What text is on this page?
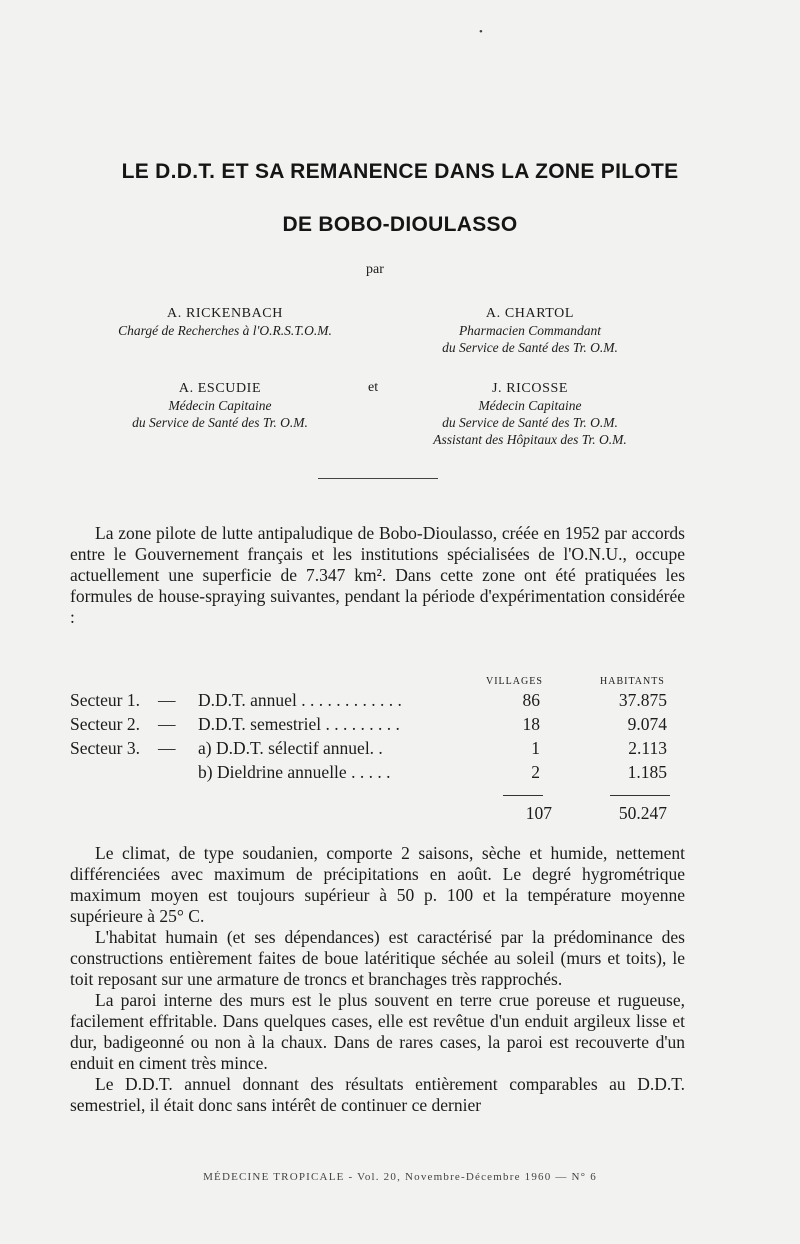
•
LE D.D.T. ET SA REMANENCE DANS LA ZONE PILOTE
DE BOBO-DIOULASSO
par
A. RICKENBACH
Chargé de Recherches à l'O.R.S.T.O.M.
A. CHARTOL
Pharmacien Commandant
du Service de Santé des Tr. O.M.
A. ESCUDIE
Médecin Capitaine
du Service de Santé des Tr. O.M.
et	J. RICOSSE
Médecin Capitaine
du Service de Santé des Tr. O.M.
Assistant des Hôpitaux des Tr. O.M.

La zone pilote de lutte antipaludique de Bobo-Dioulasso, créée en 1952 par accords entre le Gouvernement français et les institutions spécialisées de l'O.N.U., occupe actuellement une superficie de 7.347 km². Dans cette zone ont été pratiquées les formules de house-spraying suivantes, pendant la période d'expérimentation considérée :

VILLAGES	HABITANTS
Secteur 1. — D.D.T. annuel . . . . . . . . . . . .	86	37.875
Secteur 2. — D.D.T. semestriel . . . . . . . . .	18	9.074
Secteur 3. — a) D.D.T. sélectif annuel. .	1	2.113
b) Dieldrine annuelle . . . . .	2	1.185
107	50.247

Le climat, de type soudanien, comporte 2 saisons, sèche et humide, nettement différenciées avec maximum de précipitations en août. Le degré hygrométrique maximum moyen est toujours supérieur à 50 p. 100 et la température moyenne supérieure à 25° C.

L'habitat humain (et ses dépendances) est caractérisé par la prédominance des constructions entièrement faites de boue latéritique séchée au soleil (murs et toits), le toit reposant sur une armature de troncs et branchages très rapprochés.

La paroi interne des murs est le plus souvent en terre crue poreuse et rugueuse, facilement effritable. Dans quelques cases, elle est revêtue d'un enduit argileux lisse et dur, badigeonné ou non à la chaux. Dans de rares cases, la paroi est recouverte d'un enduit en ciment très mince.

Le D.D.T. annuel donnant des résultats entièrement comparables au D.D.T. semestriel, il était donc sans intérêt de continuer ce dernier

MÉDECINE TROPICALE - Vol. 20, Novembre-Décembre 1960 — N° 6
